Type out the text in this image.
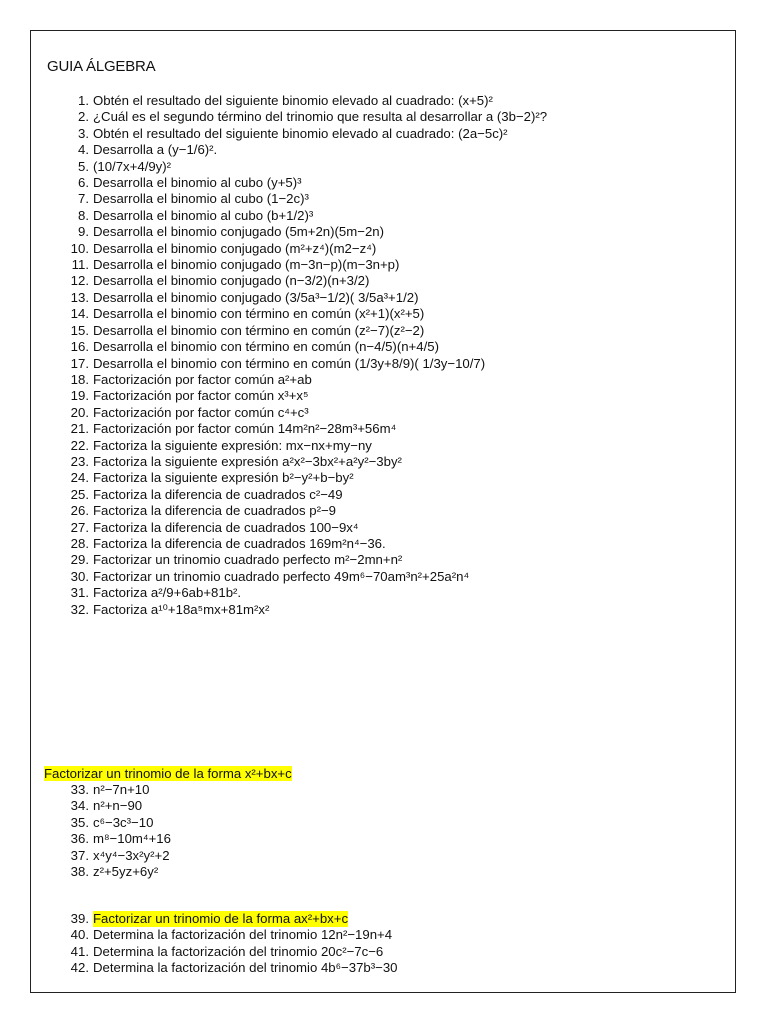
GUIA ÁLGEBRA
1. Obtén el resultado del siguiente binomio elevado al cuadrado: (x+5)²
2. ¿Cuál es el segundo término del trinomio que resulta al desarrollar a (3b−2)²?
3. Obtén el resultado del siguiente binomio elevado al cuadrado: (2a−5c)²
4. Desarrolla a (y−1/6)².
5. (10/7x+4/9y)²
6. Desarrolla el binomio al cubo (y+5)³
7. Desarrolla el binomio al cubo (1−2c)³
8. Desarrolla el binomio al cubo (b+1/2)³
9. Desarrolla el binomio conjugado (5m+2n)(5m−2n)
10. Desarrolla el binomio conjugado (m²+z⁴)(m2−z⁴)
11. Desarrolla el binomio conjugado (m−3n−p)(m−3n+p)
12. Desarrolla el binomio conjugado (n−3/2)(n+3/2)
13. Desarrolla el binomio conjugado (3/5a³−1/2)( 3/5a³+1/2)
14. Desarrolla el binomio con término en común (x²+1)(x²+5)
15. Desarrolla el binomio con término en común (z²−7)(z²−2)
16. Desarrolla el binomio con término en común (n−4/5)(n+4/5)
17. Desarrolla el binomio con término en común (1/3y+8/9)( 1/3y−10/7)
18. Factorización por factor común a²+ab
19. Factorización por factor común x³+x⁵
20. Factorización por factor común c⁴+c³
21. Factorización por factor común 14m²n²−28m³+56m⁴
22. Factoriza la siguiente expresión: mx−nx+my−ny
23. Factoriza la siguiente expresión a²x²−3bx²+a²y²−3by²
24. Factoriza la siguiente expresión b²−y²+b−by²
25. Factoriza la diferencia de cuadrados c²−49
26. Factoriza la diferencia de cuadrados p²−9
27. Factoriza la diferencia de cuadrados 100−9x⁴
28. Factoriza la diferencia de cuadrados 169m²n⁴−36.
29. Factorizar un trinomio cuadrado perfecto m²−2mn+n²
30. Factorizar un trinomio cuadrado perfecto 49m⁶−70am³n²+25a²n⁴
31. Factoriza a²/9+6ab+81b².
32. Factoriza a¹⁰+18a⁵mx+81m²x²
Factorizar un trinomio de la forma x²+bx+c
33. n²−7n+10
34. n²+n−90
35. c⁶−3c³−10
36. m⁸−10m⁴+16
37. x⁴y⁴−3x²y²+2
38. z²+5yz+6y²
39. Factorizar un trinomio de la forma ax²+bx+c
40. Determina la factorización del trinomio 12n²−19n+4
41. Determina la factorización del trinomio 20c²−7c−6
42. Determina la factorización del trinomio 4b⁶−37b³−30
